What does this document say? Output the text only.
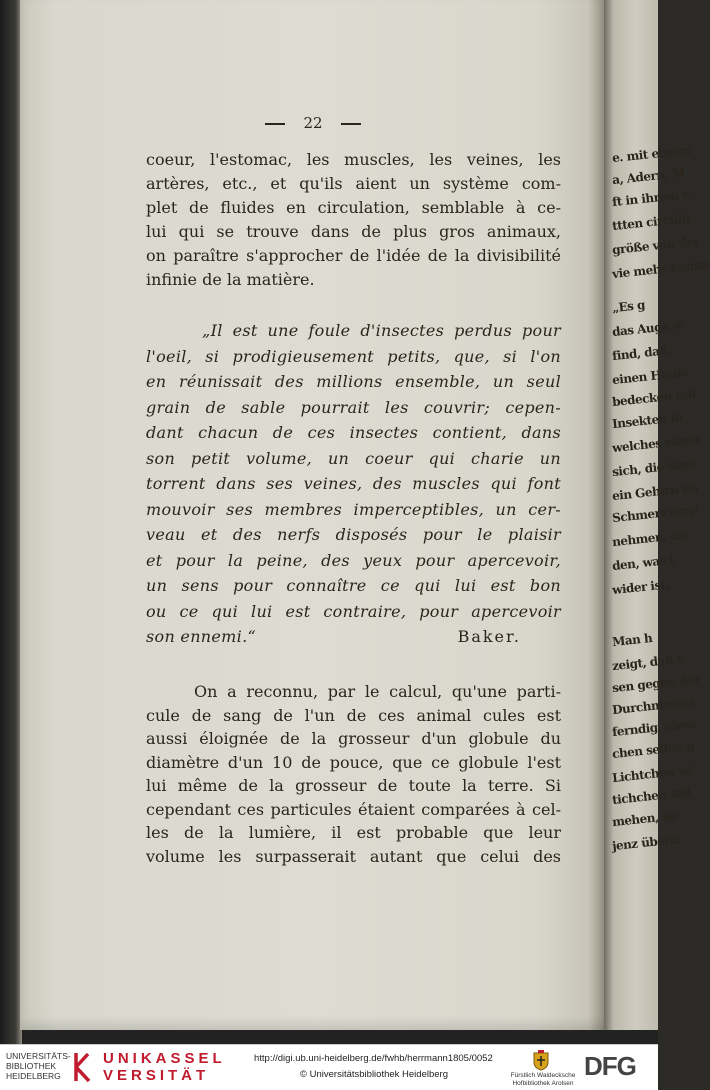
22
coeur, l'estomac, les muscles, les veines, les
artères, etc., et qu'ils aient un système com-
plet de fluides en circulation, semblable à ce-
lui qui se trouve dans de plus gros animaux,
on paraître s'approcher de l'idée de la divisibilité
infinie de la matière.
„Il est une foule d'insectes perdus pour
l'oeil, si prodigieusement petits, que, si l'on
en réunissait des millions ensemble, un seul
grain de sable pourrait les couvrir; cepen-
dant chacun de ces insectes contient, dans
son petit volume, un coeur qui charie un
torrent dans ses veines, des muscles qui font
mouvoir ses membres imperceptibles, un cer-
veau et des nerfs disposés pour le plaisir
et pour la peine, des yeux pour apercevoir,
un sens pour connaître ce qui lui est bon
ou ce qui lui est contraire, pour apercevoir
son ennemi.“	Baker.
On a reconnu, par le calcul, qu'une parti-
cule de sang de l'un de ces animal cules est
aussi éloignée de la grosseur d'un globule du
diamètre d'un 10 de pouce, que ce globule l'est
lui même de la grosseur de toute la terre. Si
cependant ces particules étaient comparées à cel-
les de la lumière, il est probable que leur
volume les surpasserait autant que celui des
e. mit einem
a, Adern, M
ft in ihrem e
ttten circulir
größe von der
vie mehr komm
„Es g
das Auge w
find, daß
einen Haufe
bedecken mü
Insekten in
welches einen
sich, die Sinn
ein Gehirn un
Schmerz emp
nehmen, un
den, was i
wider ist,
Man h
zeigt, daß e
sen gegen der
Durchmesser
ferndig, eben
chen selbst g
Lichtchen wi
tichchen mit
mehen, so
jenz übertr
UNIVERSITÄTS-
BIBLIOTHEK
HEIDELBERG
UNIKASSEL
VERSITÄT
http://digi.ub.uni-heidelberg.de/fwhb/herrmann1805/0052
© Universitätsbibliothek Heidelberg	Fürstlich Waldecksche
Hofbibliothek Arolsen
DFG
